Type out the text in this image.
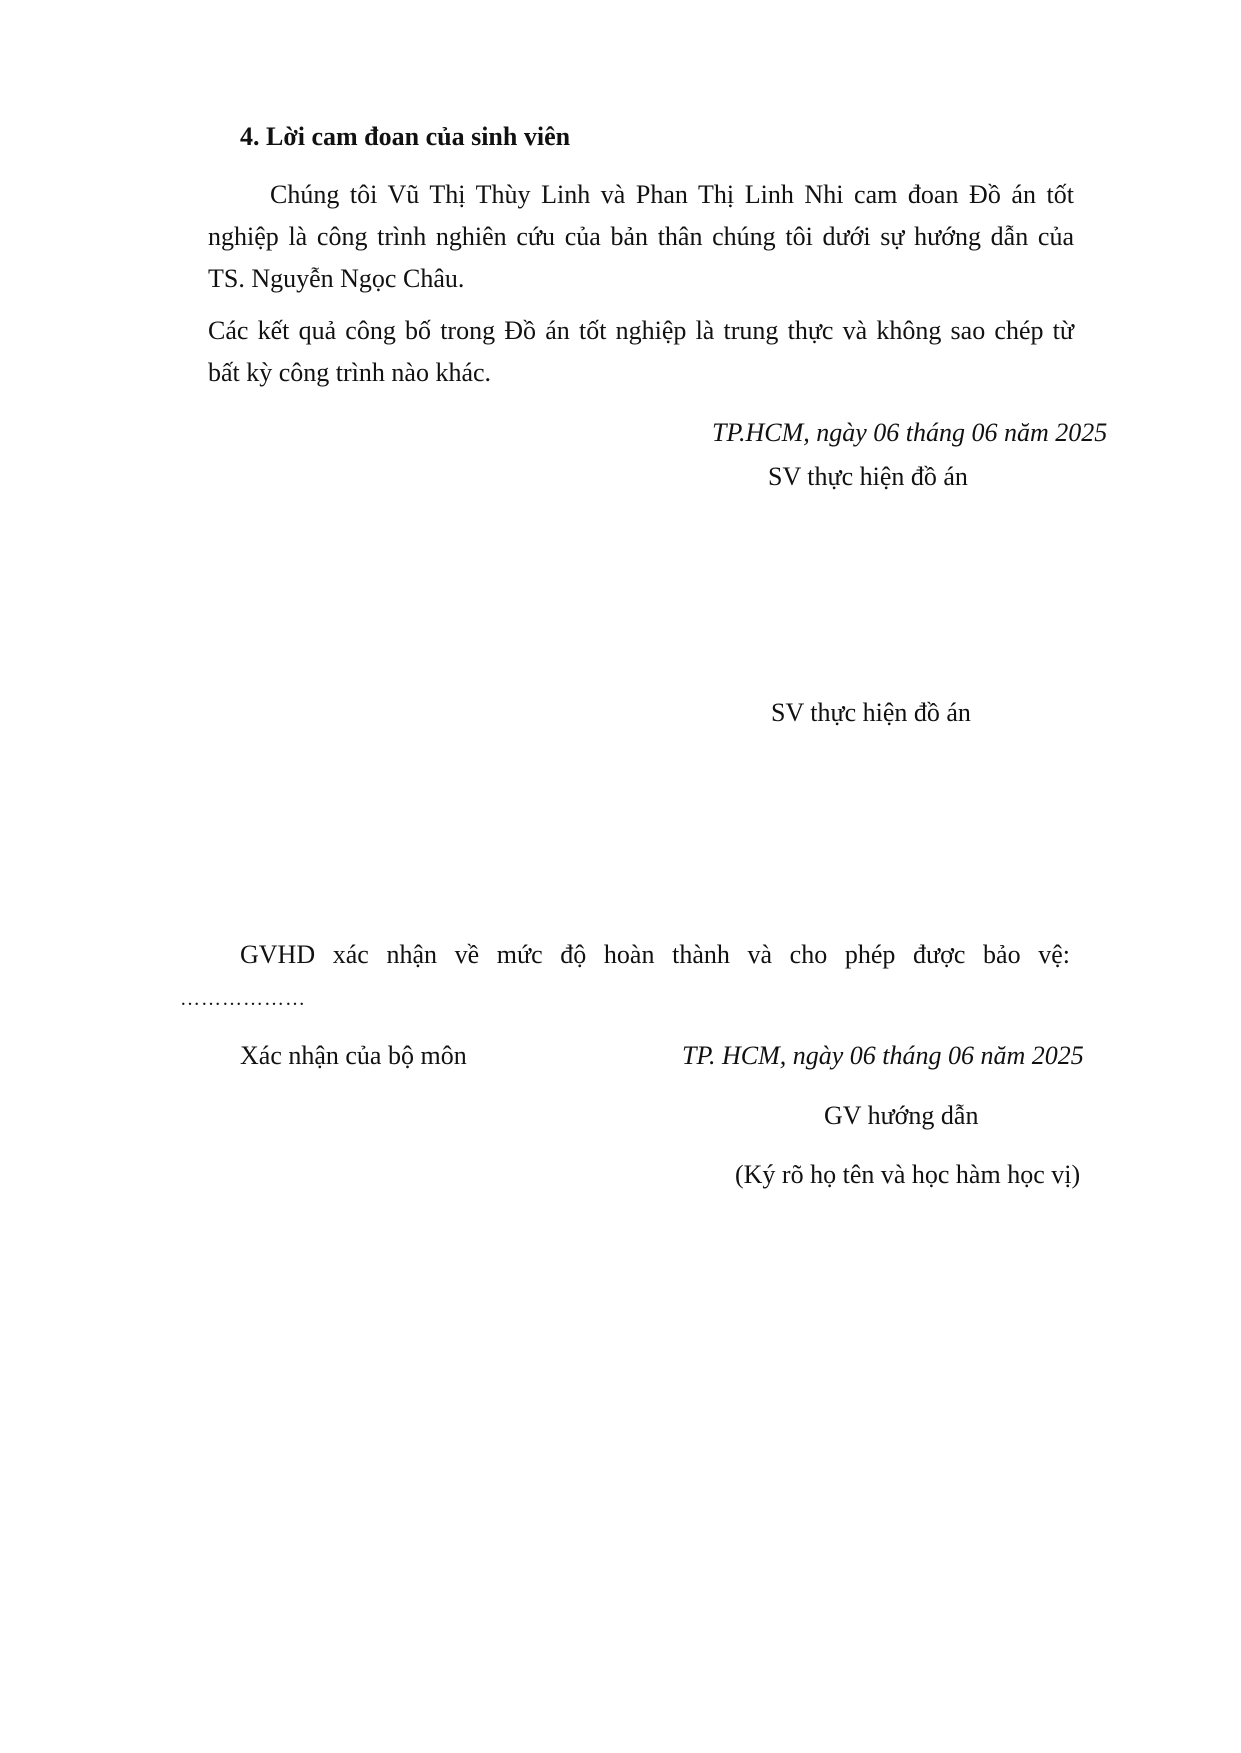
4. Lời cam đoan của sinh viên
Chúng tôi Vũ Thị Thùy Linh và Phan Thị Linh Nhi cam đoan Đồ án tốt
nghiệp là công trình nghiên cứu của bản thân chúng tôi dưới sự hướng dẫn của
TS. Nguyễn Ngọc Châu.
Các kết quả công bố trong Đồ án tốt nghiệp là trung thực và không sao chép từ
bất kỳ công trình nào khác.
TP.HCM, ngày 06 tháng 06 năm 2025
SV thực hiện đồ án
SV thực hiện đồ án
GVHD xác nhận về mức độ hoàn thành và cho phép được bảo vệ:
………………
Xác nhận của bộ môn	TP. HCM, ngày 06 tháng 06 năm 2025
GV hướng dẫn
(Ký rõ họ tên và học hàm học vị)
